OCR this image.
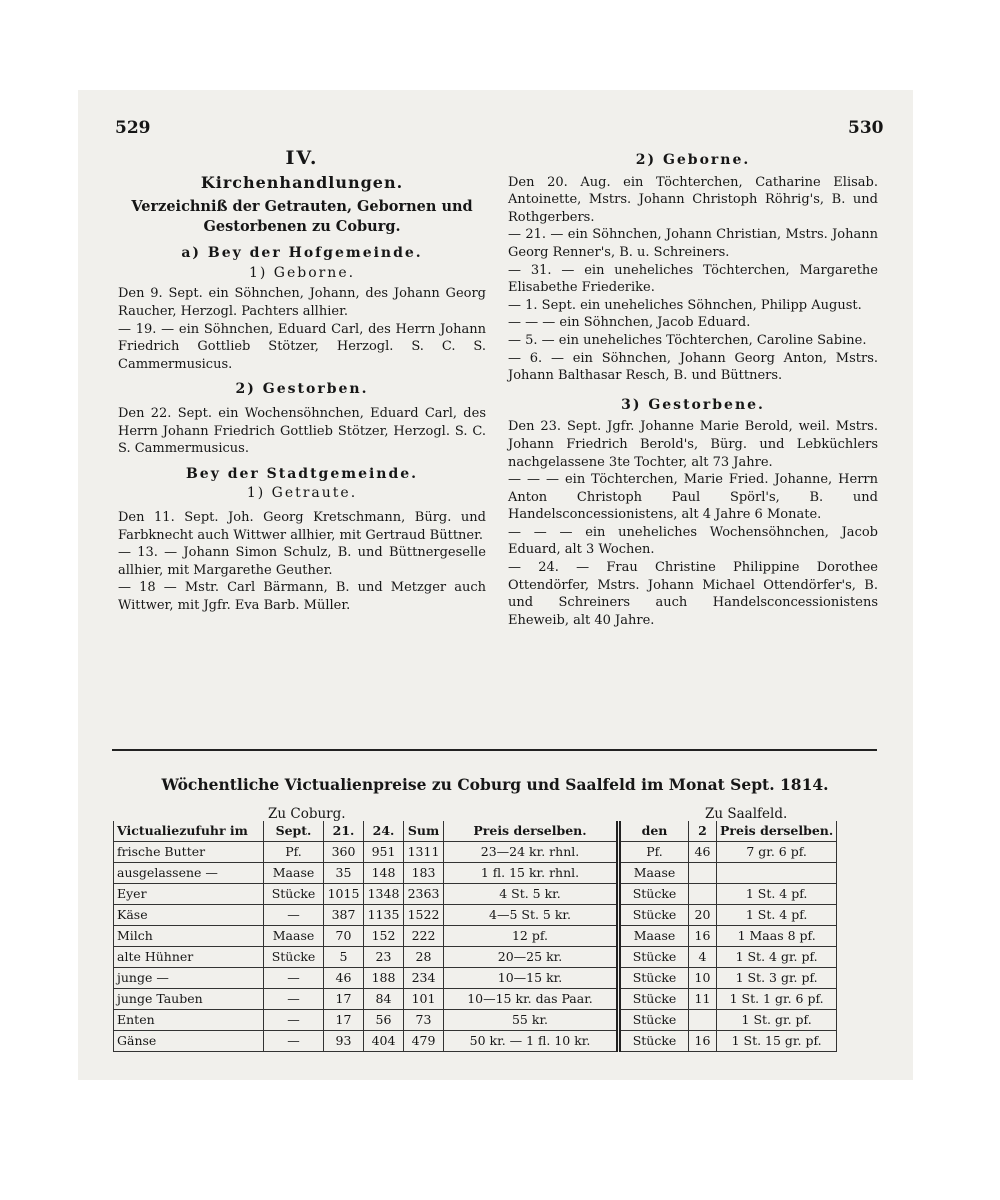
529	530

IV.

Kirchenhandlungen.

Verzeichniß der Getrauten, Gebornen und Gestorbenen zu Coburg.

a) Bey der Hofgemeinde.

1) Geborne.

Den 9. Sept. ein Söhnchen, Johann, des Johann Georg Raucher, Herzogl. Pachters allhier.

— 19. — ein Söhnchen, Eduard Carl, des Herrn Johann Friedrich Gottlieb Stötzer, Herzogl. S. C. S. Cammermusicus.

2) Gestorben.

Den 22. Sept. ein Wochensöhnchen, Eduard Carl, des Herrn Johann Friedrich Gottlieb Stötzer, Herzogl. S. C. S. Cammermusicus.

Bey der Stadtgemeinde.

1) Getraute.

Den 11. Sept. Joh. Georg Kretschmann, Bürg. und Farbknecht auch Wittwer allhier, mit Gertraud Büttner.

— 13. — Johann Simon Schulz, B. und Büttnergeselle allhier, mit Margarethe Geuther.

— 18 — Mstr. Carl Bärmann, B. und Metzger auch Wittwer, mit Jgfr. Eva Barb. Müller.

2) Geborne.

Den 20. Aug. ein Töchterchen, Catharine Elisab. Antoinette, Mstrs. Johann Christoph Röhrig's, B. und Rothgerbers.

— 21. — ein Söhnchen, Johann Christian, Mstrs. Johann Georg Renner's, B. u. Schreiners.

— 31. — ein uneheliches Töchterchen, Margarethe Elisabethe Friederike.

— 1. Sept. ein uneheliches Söhnchen, Philipp August.

— — — ein Söhnchen, Jacob Eduard.

— 5. — ein uneheliches Töchterchen, Caroline Sabine.

— 6. — ein Söhnchen, Johann Georg Anton, Mstrs. Johann Balthasar Resch, B. und Büttners.

3) Gestorbene.

Den 23. Sept. Jgfr. Johanne Marie Berold, weil. Mstrs. Johann Friedrich Berold's, Bürg. und Lebküchlers nachgelassene 3te Tochter, alt 73 Jahre.

— — — ein Töchterchen, Marie Fried. Johanne, Herrn Anton Christoph Paul Spörl's, B. und Handelsconcessionistens, alt 4 Jahre 6 Monate.

— — — ein uneheliches Wochensöhnchen, Jacob Eduard, alt 3 Wochen.

— 24. — Frau Christine Philippine Dorothee Ottendörfer, Mstrs. Johann Michael Ottendörfer's, B. und Schreiners auch Handelsconcessionistens Eheweib, alt 40 Jahre.

Wöchentliche Victualienpreise zu Coburg und Saalfeld im Monat Sept. 1814.
Zu Coburg.	Zu Saalfeld.
Victualiezufuhr im	Sept.	21.	24.	Sum	Preis derselben.	den	2	Preis derselben.
frische Butter	Pf.	360	951	1311	23—24 kr. rhnl.	Pf.	46	7 gr. 6 pf.
ausgelassene —	Maase	35	148	183	1 fl. 15 kr. rhnl.	Maase		
Eyer	Stücke	1015	1348	2363	4 St. 5 kr.	Stücke		1 St. 4 pf.
Käse	—	387	1135	1522	4—5 St. 5 kr.	Stücke	20	1 St. 4 pf.
Milch	Maase	70	152	222	12 pf.	Maase	16	1 Maas 8 pf.
alte Hühner	Stücke	5	23	28	20—25 kr.	Stücke	4	1 St. 4 gr. pf.
junge —	—	46	188	234	10—15 kr.	Stücke	10	1 St. 3 gr. pf.
junge Tauben	—	17	84	101	10—15 kr. das Paar.	Stücke	11	1 St. 1 gr. 6 pf.
Enten	—	17	56	73	55 kr.	Stücke		1 St. gr. pf.
Gänse	—	93	404	479	50 kr. — 1 fl. 10 kr.	Stücke	16	1 St. 15 gr. pf.
